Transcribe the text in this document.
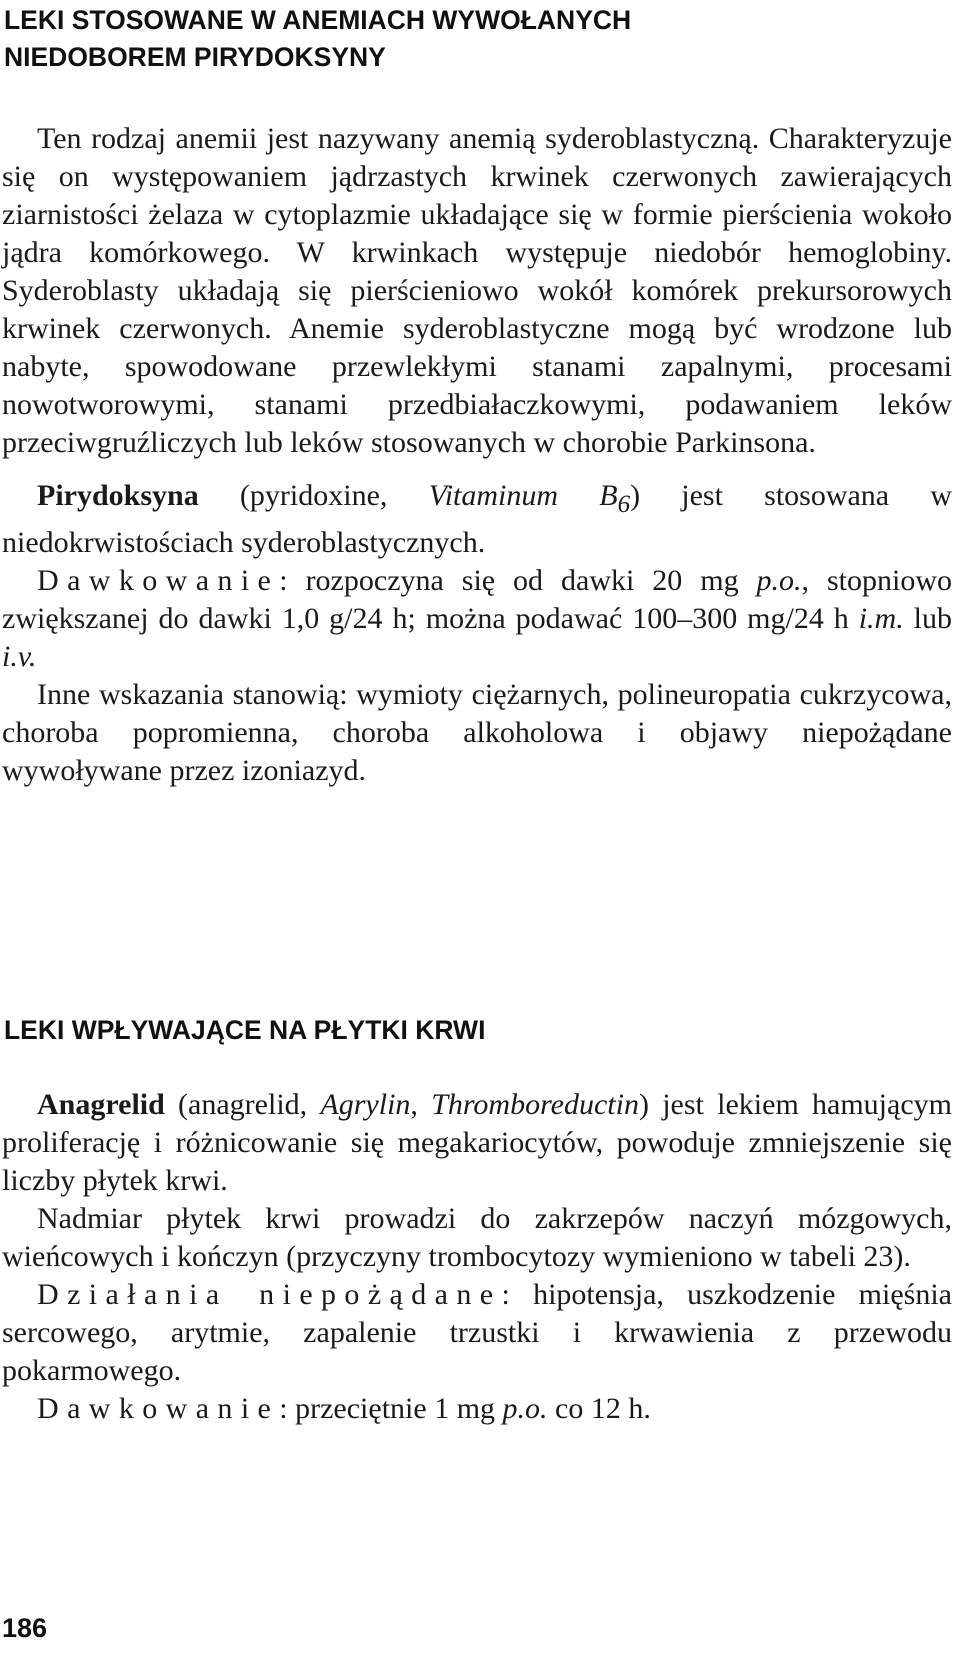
LEKI STOSOWANE W ANEMIACH WYWOŁANYCH
NIEDOBOREM PIRYDOKSYNY

Ten rodzaj anemii jest nazywany anemią syderoblastyczną. Charakteryzuje się on występowaniem jądrzastych krwinek czerwonych zawierających ziarnistości żelaza w cytoplazmie układające się w formie pierścienia wokoło jądra komórkowego. W krwinkach występuje niedobór hemoglobiny. Syderoblasty układają się pierścieniowo wokół komórek prekursorowych krwinek czerwonych. Anemie syderoblastyczne mogą być wrodzone lub nabyte, spowodowane przewlekłymi stanami zapalnymi, procesami nowotworowymi, stanami przedbiałaczkowymi, podawaniem leków przeciwgruźliczych lub leków stosowanych w chorobie Parkinsona.

Pirydoksyna (pyridoxine, Vitaminum $B_6$) jest stosowana w niedokrwistościach syderoblastycznych.

Dawkowanie: rozpoczyna się od dawki 20 mg p.o., stopniowo zwiększanej do dawki 1,0 g/24 h; można podawać 100–300 mg/24 h i.m. lub i.v.

Inne wskazania stanowią: wymioty ciężarnych, polineuropatia cukrzycowa, choroba popromienna, choroba alkoholowa i objawy niepożądane wywoływane przez izoniazyd.

LEKI WPŁYWAJĄCE NA PŁYTKI KRWI

Anagrelid (anagrelid, Agrylin, Thromboreductin) jest lekiem hamującym proliferację i różnicowanie się megakariocytów, powoduje zmniejszenie się liczby płytek krwi.

Nadmiar płytek krwi prowadzi do zakrzepów naczyń mózgowych, wieńcowych i kończyn (przyczyny trombocytozy wymieniono w tabeli 23).

Działania niepożądane: hipotensja, uszkodzenie mięśnia sercowego, arytmie, zapalenie trzustki i krwawienia z przewodu pokarmowego.

Dawkowanie: przeciętnie 1 mg p.o. co 12 h.

186
